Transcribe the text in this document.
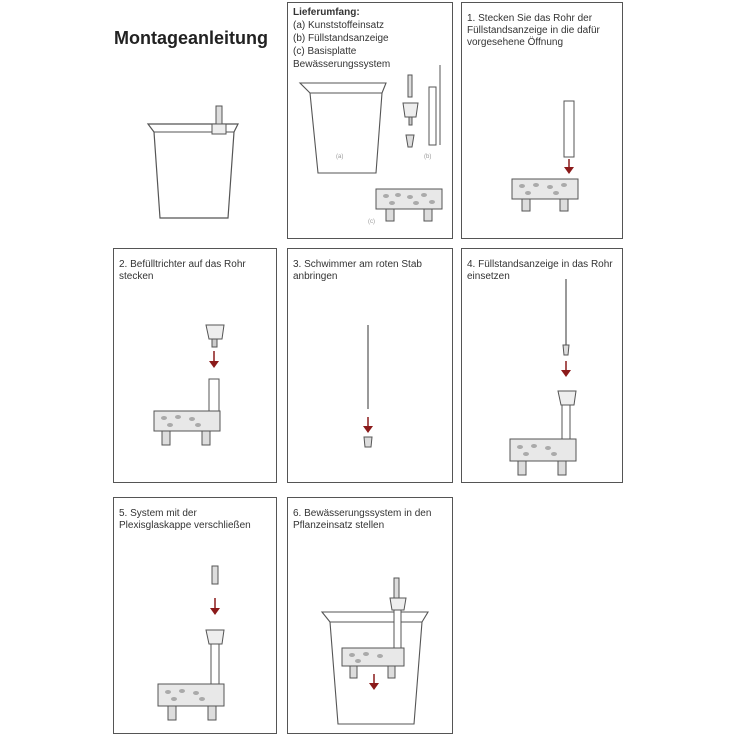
Montageanleitung
Lieferumfang:
(a) Kunststoffeinsatz
(b) Füllstandsanzeige
(c) Basisplatte
Bewässerungssystem
(a)	(b)
(c)
1. Stecken Sie das Rohr der Füllstandsanzeige in die dafür vorgesehene Öffnung
2. Befülltrichter auf das Rohr stecken
3. Schwimmer am roten Stab anbringen
4. Füllstandsanzeige in das Rohr einsetzen
5. System mit der Plexisglaskappe verschließen
6. Bewässerungssystem in den Pflanzeinsatz stellen
